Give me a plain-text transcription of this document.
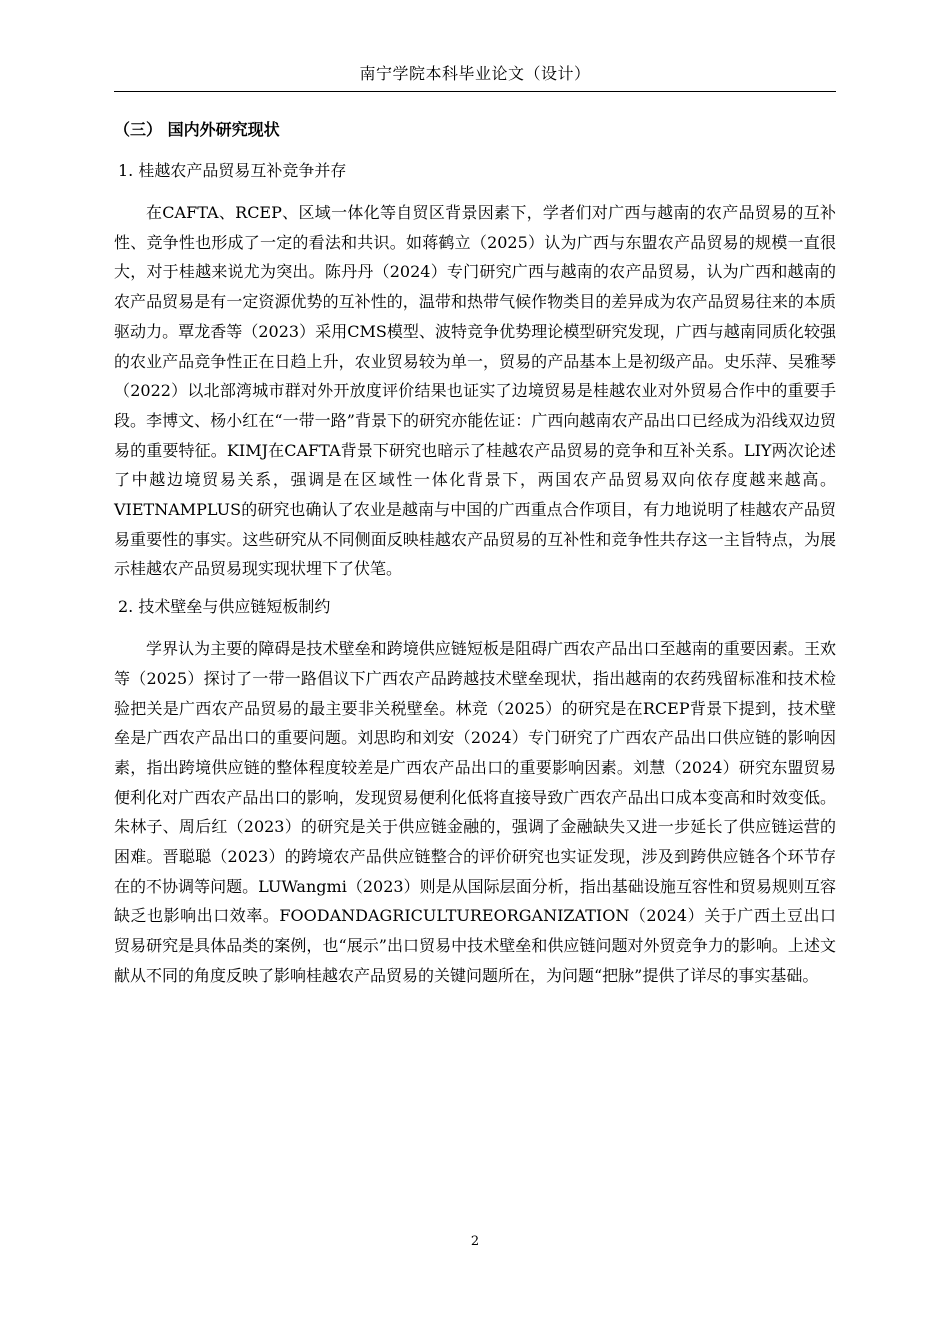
南宁学院本科毕业论文（设计）
（三） 国内外研究现状
1. 桂越农产品贸易互补竞争并存

在CAFTA、RCEP、区域一体化等自贸区背景因素下，学者们对广西与越南的农产品贸易的互补性、竞争性也形成了一定的看法和共识。如蒋鹤立（2025）认为广西与东盟农产品贸易的规模一直很大，对于桂越来说尤为突出。陈丹丹（2024）专门研究广西与越南的农产品贸易，认为广西和越南的农产品贸易是有一定资源优势的互补性的，温带和热带气候作物类目的差异成为农产品贸易往来的本质驱动力。覃龙香等（2023）采用CMS模型、波特竞争优势理论模型研究发现，广西与越南同质化较强的农业产品竞争性正在日趋上升，农业贸易较为单一，贸易的产品基本上是初级产品。史乐萍、吴雅琴（2022）以北部湾城市群对外开放度评价结果也证实了边境贸易是桂越农业对外贸易合作中的重要手段。李博文、杨小红在“一带一路”背景下的研究亦能佐证：广西向越南农产品出口已经成为沿线双边贸易的重要特征。KIMJ在CAFTA背景下研究也暗示了桂越农产品贸易的竞争和互补关系。LIY两次论述了中越边境贸易关系，强调是在区域性一体化背景下，两国农产品贸易双向依存度越来越高。VIETNAMPLUS的研究也确认了农业是越南与中国的广西重点合作项目，有力地说明了桂越农产品贸易重要性的事实。这些研究从不同侧面反映桂越农产品贸易的互补性和竞争性共存这一主旨特点，为展示桂越农产品贸易现实现状埋下了伏笔。

2. 技术壁垒与供应链短板制约

学界认为主要的障碍是技术壁垒和跨境供应链短板是阻碍广西农产品出口至越南的重要因素。王欢等（2025）探讨了一带一路倡议下广西农产品跨越技术壁垒现状，指出越南的农药残留标准和技术检验把关是广西农产品贸易的最主要非关税壁垒。林竞（2025）的研究是在RCEP背景下提到，技术壁垒是广西农产品出口的重要问题。刘思昀和刘安（2024）专门研究了广西农产品出口供应链的影响因素，指出跨境供应链的整体程度较差是广西农产品出口的重要影响因素。刘慧（2024）研究东盟贸易便利化对广西农产品出口的影响，发现贸易便利化低将直接导致广西农产品出口成本变高和时效变低。朱林子、周后红（2023）的研究是关于供应链金融的，强调了金融缺失又进一步延长了供应链运营的困难。晋聪聪（2023）的跨境农产品供应链整合的评价研究也实证发现，涉及到跨供应链各个环节存在的不协调等问题。LUWangmi（2023）则是从国际层面分析，指出基础设施互容性和贸易规则互容缺乏也影响出口效率。FOODANDAGRICULTUREORGANIZATION（2024）关于广西土豆出口贸易研究是具体品类的案例，也“展示”出口贸易中技术壁垒和供应链问题对外贸竞争力的影响。上述文献从不同的角度反映了影响桂越农产品贸易的关键问题所在，为问题“把脉”提供了详尽的事实基础。

2
